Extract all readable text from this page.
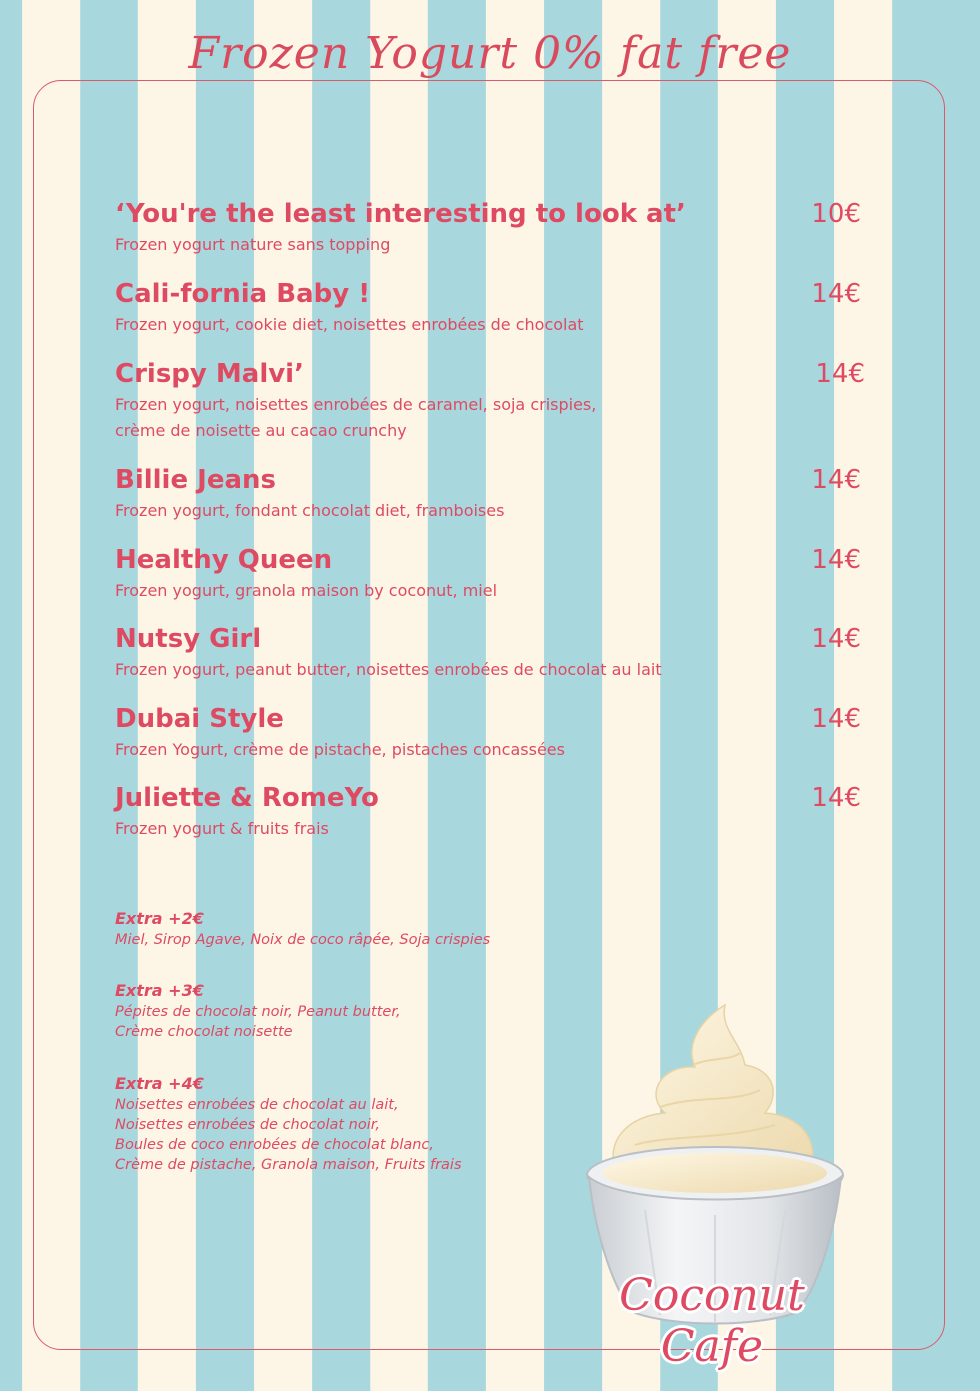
Frozen Yogurt 0% fat free
‘You're the least interesting to look at’	10€
Frozen yogurt nature sans topping
Cali-fornia Baby !	14€
Frozen yogurt, cookie diet, noisettes enrobées de chocolat
Crispy Malvi’	14€
Frozen yogurt, noisettes enrobées de caramel, soja crispies,
crème de noisette au cacao crunchy
Billie Jeans	14€
Frozen yogurt, fondant chocolat diet, framboises
Healthy Queen	14€
Frozen yogurt, granola maison by coconut, miel
Nutsy Girl	14€
Frozen yogurt, peanut butter, noisettes enrobées de chocolat au lait
Dubai Style	14€
Frozen Yogurt, crème de pistache, pistaches concassées
Juliette & RomeYo	14€
Frozen yogurt & fruits frais
Extra +2€
Miel, Sirop Agave, Noix de coco râpée, Soja crispies
Extra +3€
Pépites de chocolat noir, Peanut butter,
Crème chocolat noisette
Extra +4€
Noisettes enrobées de chocolat au lait,
Noisettes enrobées de chocolat noir,
Boules de coco enrobées de chocolat blanc,
Crème de pistache, Granola maison, Fruits frais
Coconut Cafe
